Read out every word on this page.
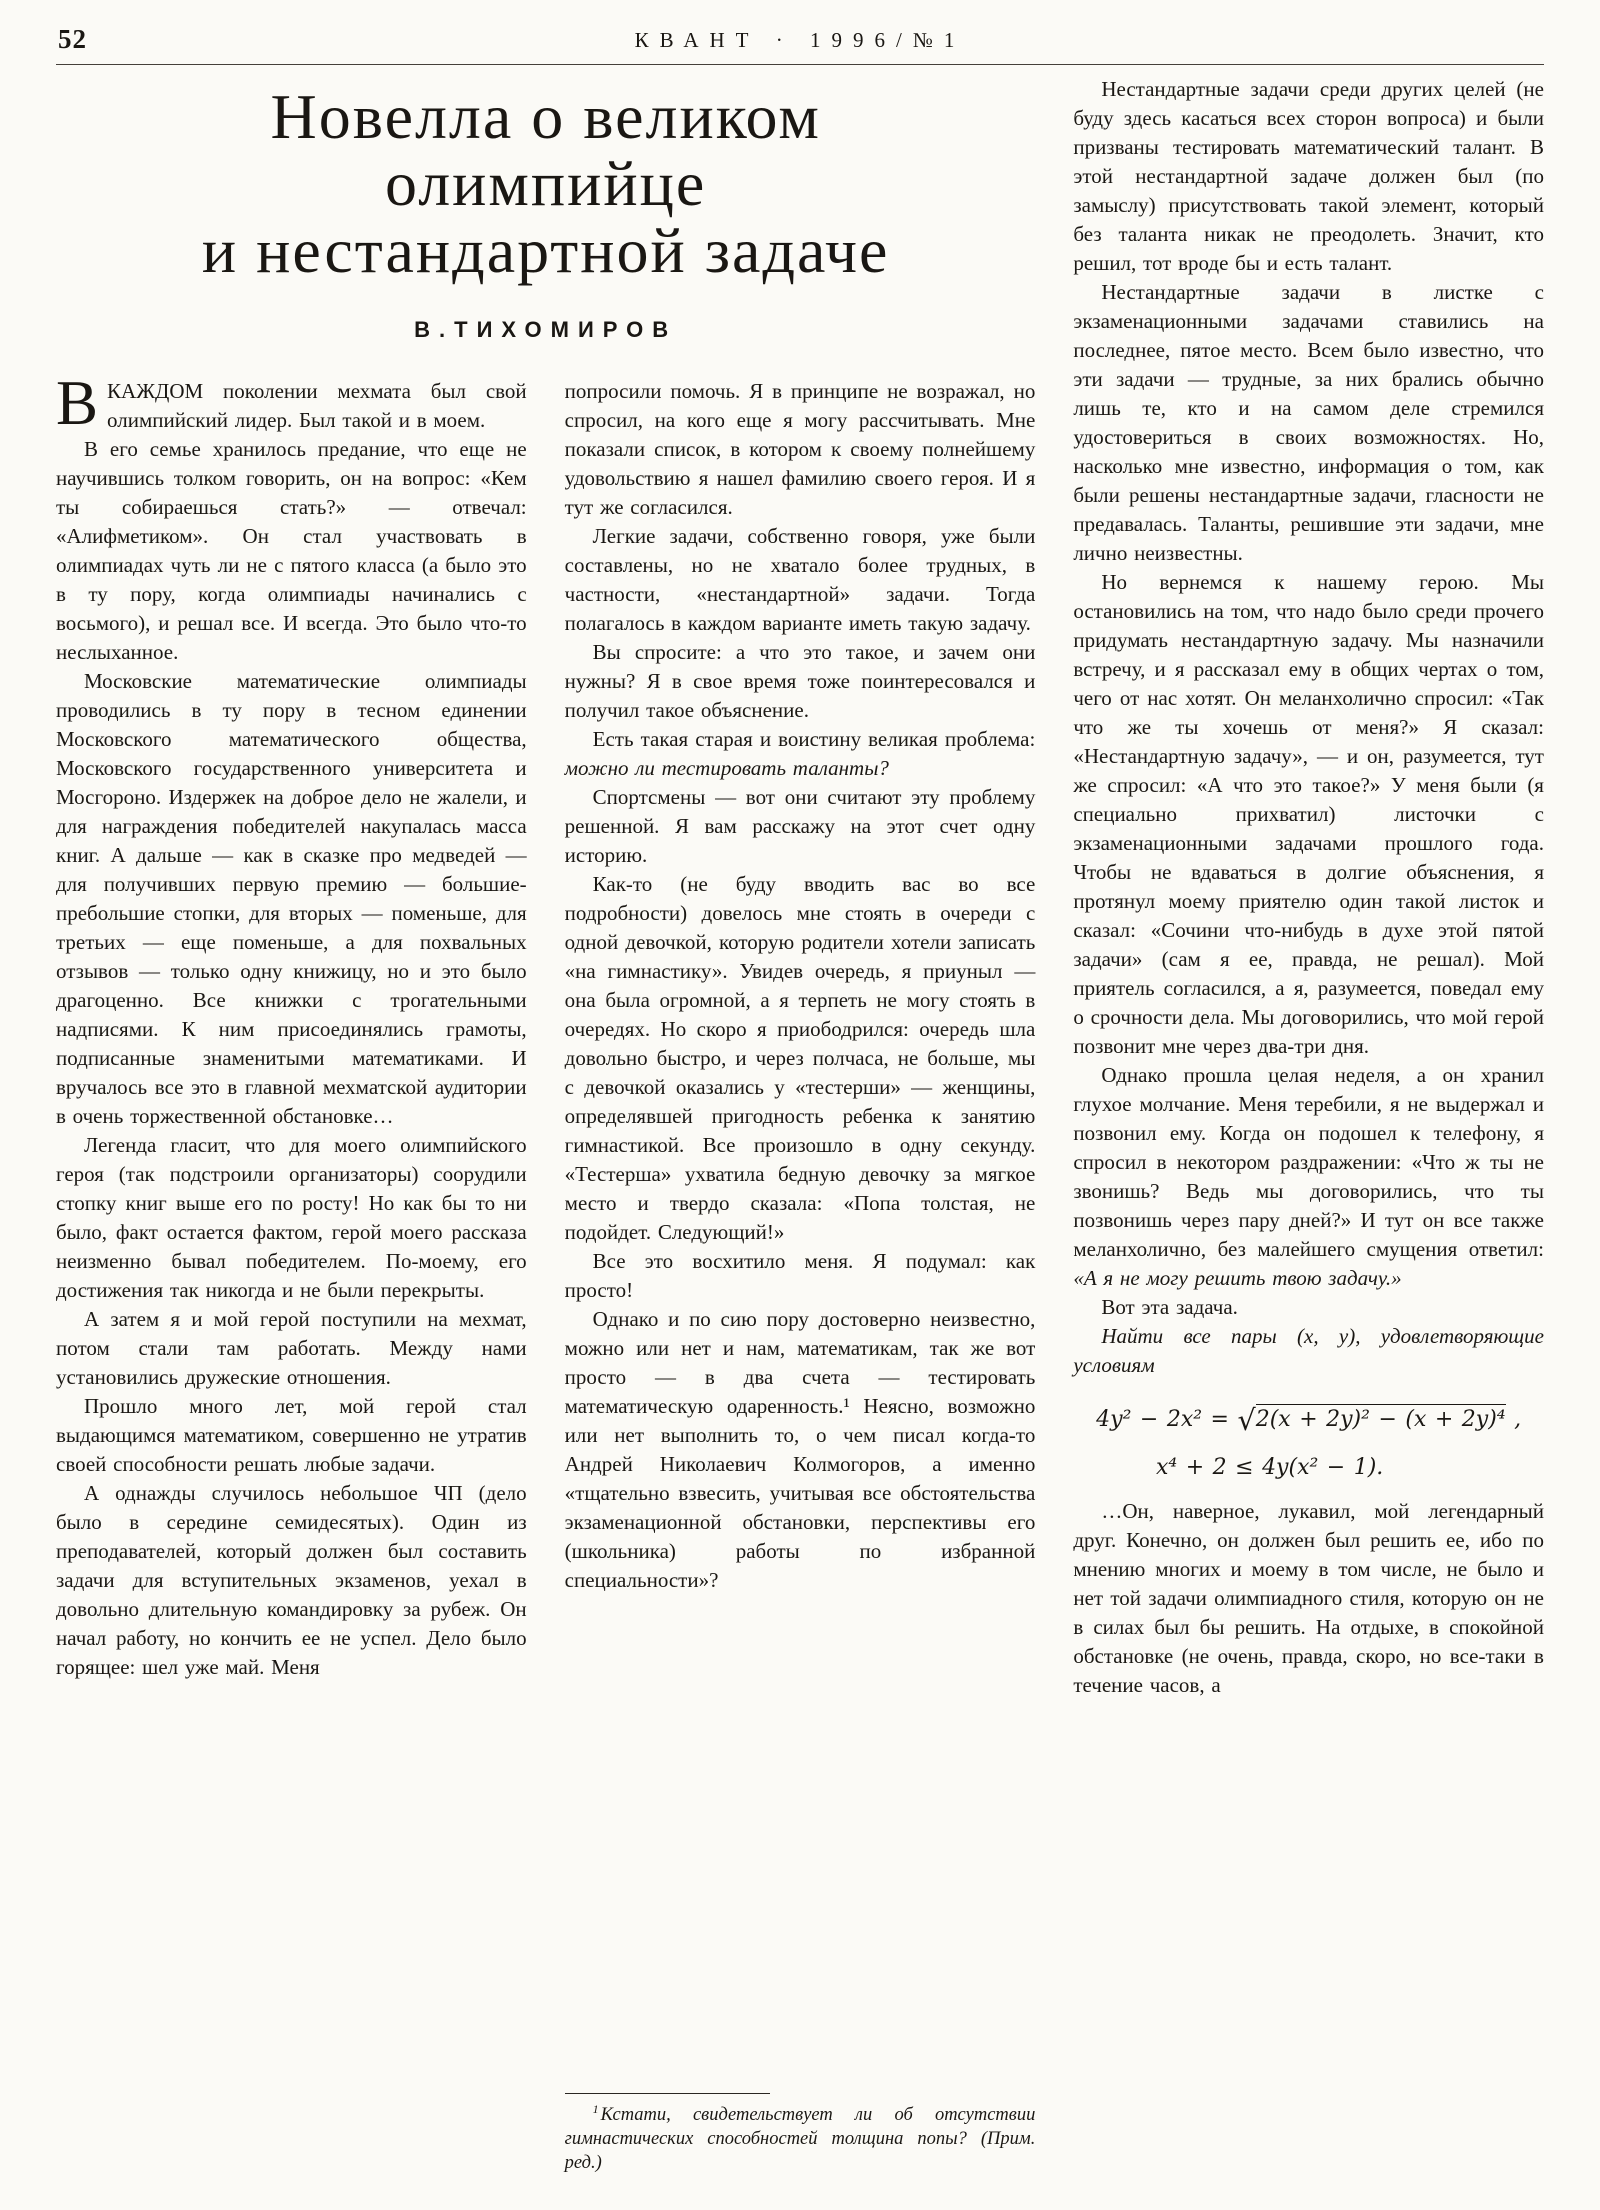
52	КВАНТ · 1996/№1
Новелла о великом
олимпийце
и нестандартной задаче
В.ТИХОМИРОВ

В КАЖДОМ поколении мехмата был свой олимпийский лидер. Был такой и в моем.

В его семье хранилось предание, что еще не научившись толком говорить, он на вопрос: «Кем ты собираешься стать?» — отвечал: «Алифметиком». Он стал участвовать в олимпиадах чуть ли не с пятого класса (а было это в ту пору, когда олимпиады начинались с восьмого), и решал все. И всегда. Это было что-то неслыханное.

Московские математические олимпиады проводились в ту пору в тесном единении Московского математического общества, Московского государственного университета и Мосгороно. Издержек на доброе дело не жалели, и для награждения победителей накупалась масса книг. А дальше — как в сказке про медведей — для получивших первую премию — большие-пребольшие стопки, для вторых — поменьше, для третьих — еще поменьше, а для похвальных отзывов — только одну книжицу, но и это было драгоценно. Все книжки с трогательными надписями. К ним присоединялись грамоты, подписанные знаменитыми математиками. И вручалось все это в главной мехматской аудитории в очень торжественной обстановке…

Легенда гласит, что для моего олимпийского героя (так подстроили организаторы) соорудили стопку книг выше его по росту! Но как бы то ни было, факт остается фактом, герой моего рассказа неизменно бывал победителем. По-моему, его достижения так никогда и не были перекрыты.

А затем я и мой герой поступили на мехмат, потом стали там работать. Между нами установились дружеские отношения.

Прошло много лет, мой герой стал выдающимся математиком, совершенно не утратив своей способности решать любые задачи.

А однажды случилось небольшое ЧП (дело было в середине семидесятых). Один из преподавателей, который должен был составить задачи для вступительных экзаменов, уехал в довольно длительную командировку за рубеж. Он начал работу, но кончить ее не успел. Дело было горящее: шел уже май. Меня

попросили помочь. Я в принципе не возражал, но спросил, на кого еще я могу рассчитывать. Мне показали список, в котором к своему полнейшему удовольствию я нашел фамилию своего героя. И я тут же согласился.

Легкие задачи, собственно говоря, уже были составлены, но не хватало более трудных, в частности, «нестандартной» задачи. Тогда полагалось в каждом варианте иметь такую задачу.

Вы спросите: а что это такое, и зачем они нужны? Я в свое время тоже поинтересовался и получил такое объяснение.

Есть такая старая и воистину великая проблема: можно ли тестировать таланты?

Спортсмены — вот они считают эту проблему решенной. Я вам расскажу на этот счет одну историю.

Как-то (не буду вводить вас во все подробности) довелось мне стоять в очереди с одной девочкой, которую родители хотели записать «на гимнастику». Увидев очередь, я приуныл — она была огромной, а я терпеть не могу стоять в очередях. Но скоро я приободрился: очередь шла довольно быстро, и через полчаса, не больше, мы с девочкой оказались у «тестерши» — женщины, определявшей пригодность ребенка к занятию гимнастикой. Все произошло в одну секунду. «Тестерша» ухватила бедную девочку за мягкое место и твердо сказала: «Попа толстая, не подойдет. Следующий!»

Все это восхитило меня. Я подумал: как просто!

Однако и по сию пору достоверно неизвестно, можно или нет и нам, математикам, так же вот просто — в два счета — тестировать математическую одаренность.¹ Неясно, возможно или нет выполнить то, о чем писал когда-то Андрей Николаевич Колмогоров, а именно «тщательно взвесить, учитывая все обстоятельства экзаменационной обстановки, перспективы его (школьника) работы по избранной специальности»?

$^1$ Кстати, свидетельствует ли об отсутствии гимнастических способностей толщина попы? (Прим. ред.)

Нестандартные задачи среди других целей (не буду здесь касаться всех сторон вопроса) и были призваны тестировать математический талант. В этой нестандартной задаче должен был (по замыслу) присутствовать такой элемент, который без таланта никак не преодолеть. Значит, кто решил, тот вроде бы и есть талант.

Нестандартные задачи в листке с экзаменационными задачами ставились на последнее, пятое место. Всем было известно, что эти задачи — трудные, за них брались обычно лишь те, кто и на самом деле стремился удостовериться в своих возможностях. Но, насколько мне известно, информация о том, как были решены нестандартные задачи, гласности не предавалась. Таланты, решившие эти задачи, мне лично неизвестны.

Но вернемся к нашему герою. Мы остановились на том, что надо было среди прочего придумать нестандартную задачу. Мы назначили встречу, и я рассказал ему в общих чертах о том, чего от нас хотят. Он меланхолично спросил: «Так что же ты хочешь от меня?» Я сказал: «Нестандартную задачу», — и он, разумеется, тут же спросил: «А что это такое?» У меня были (я специально прихватил) листочки с экзаменационными задачами прошлого года. Чтобы не вдаваться в долгие объяснения, я протянул моему приятелю один такой листок и сказал: «Сочини что-нибудь в духе этой пятой задачи» (сам я ее, правда, не решал). Мой приятель согласился, а я, разумеется, поведал ему о срочности дела. Мы договорились, что мой герой позвонит мне через два-три дня.

Однако прошла целая неделя, а он хранил глухое молчание. Меня теребили, я не выдержал и позвонил ему. Когда он подошел к телефону, я спросил в некотором раздражении: «Что ж ты не звонишь? Ведь мы договорились, что ты позвонишь через пару дней?» И тут он все также меланхолично, без малейшего смущения ответил: «А я не могу решить твою задачу.»

Вот эта задача.

Найти все пары (x, y), удовлетворяющие условиям

4y² − 2x² = √2(x + 2y)² − (x + 2y)⁴ ,
x⁴ + 2 ≤ 4y(x² − 1).

…Он, наверное, лукавил, мой легендарный друг. Конечно, он должен был решить ее, ибо по мнению многих и моему в том числе, не было и нет той задачи олимпиадного стиля, которую он не в силах был бы решить. На отдыхе, в спокойной обстановке (не очень, правда, скоро, но все-таки в течение часов, а
